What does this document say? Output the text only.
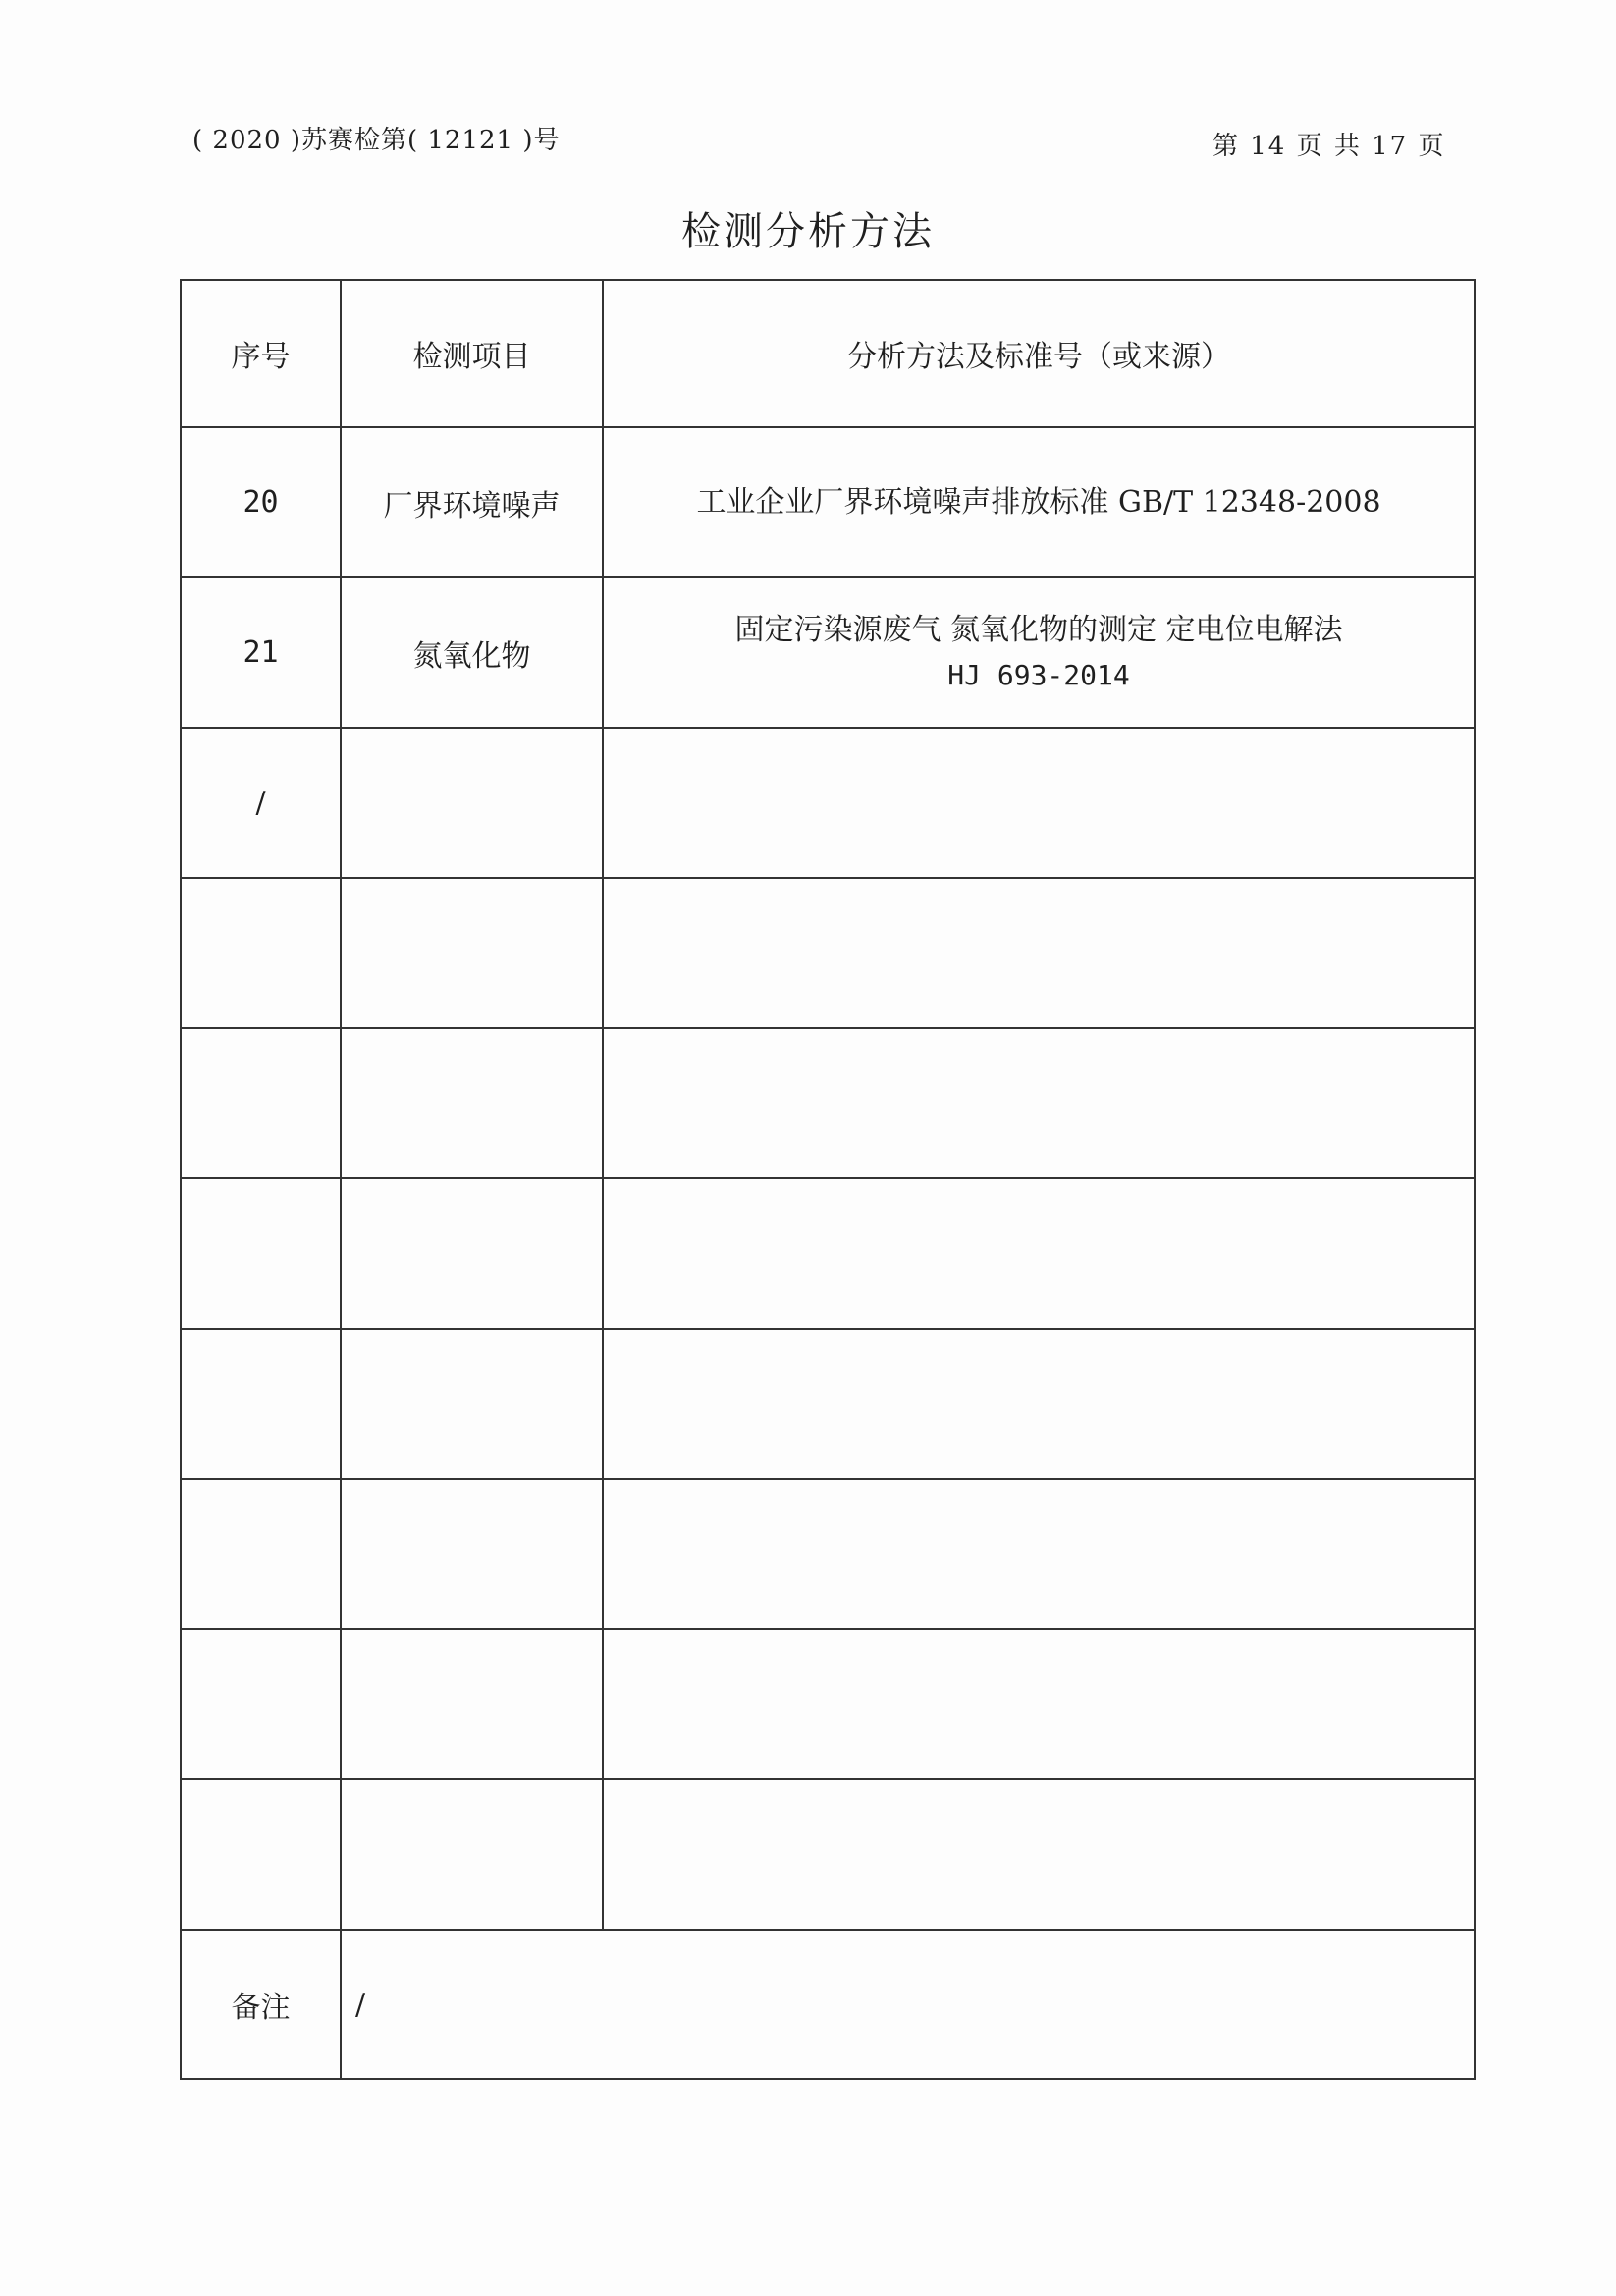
( 2020 )苏赛检第( 12121 )号	第 14 页 共 17 页
检测分析方法
序号	检测项目	分析方法及标准号（或来源）
20	厂界环境噪声	工业企业厂界环境噪声排放标准 GB/T 12348-2008

21	氮氧化物	固定污染源废气 氮氧化物的测定 定电位电解法
HJ 693-2014

/		

备注	/	
